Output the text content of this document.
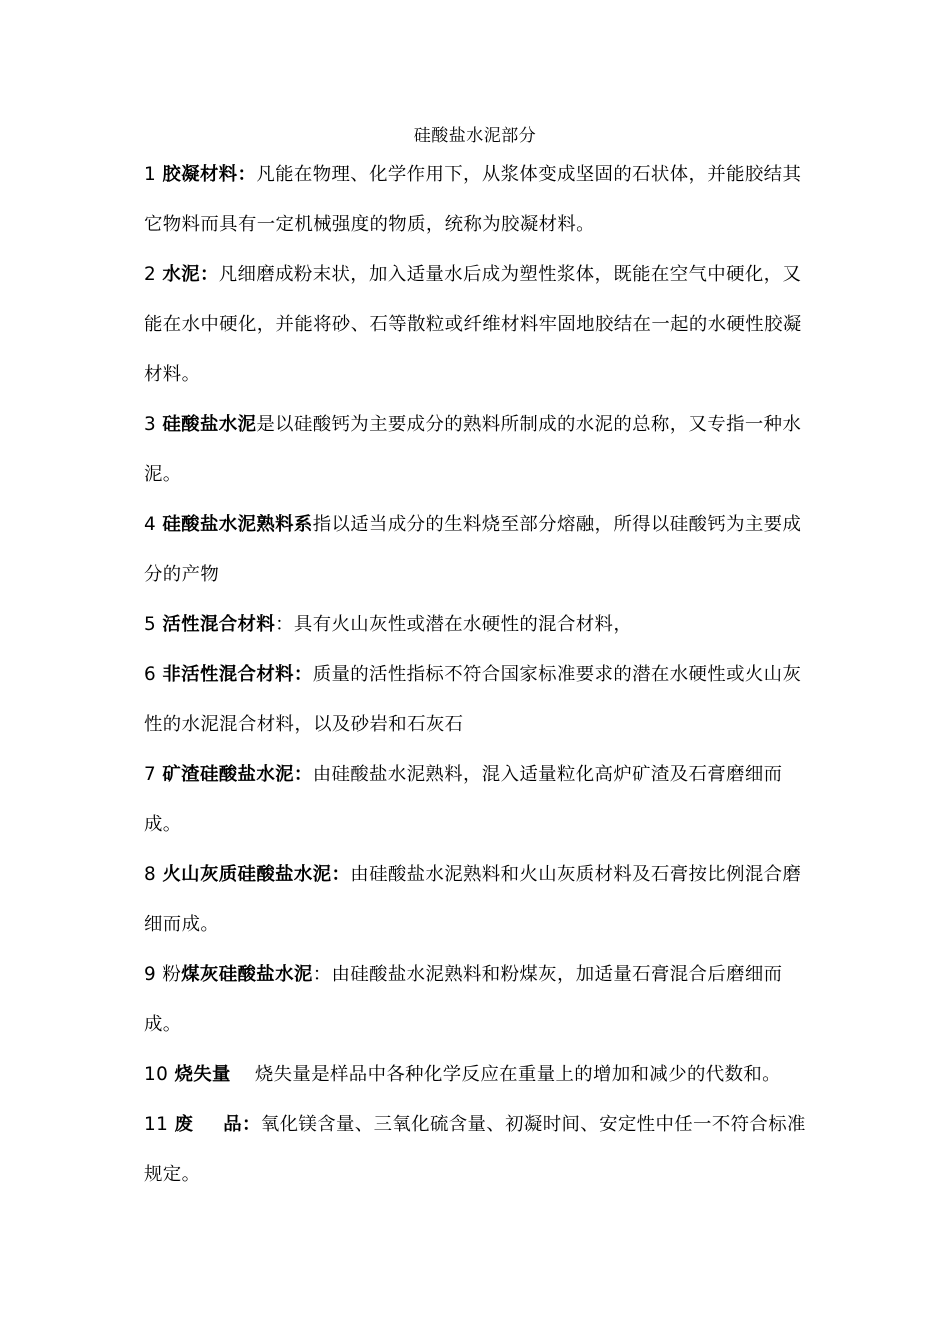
硅酸盐水泥部分

1 胶凝材料：凡能在物理、化学作用下，从浆体变成坚固的石状体，并能胶结其它物料而具有一定机械强度的物质，统称为胶凝材料。

2 水泥：凡细磨成粉末状，加入适量水后成为塑性浆体，既能在空气中硬化，又能在水中硬化，并能将砂、石等散粒或纤维材料牢固地胶结在一起的水硬性胶凝材料。

3 硅酸盐水泥是以硅酸钙为主要成分的熟料所制成的水泥的总称，又专指一种水泥。

4 硅酸盐水泥熟料系指以适当成分的生料烧至部分熔融，所得以硅酸钙为主要成分的产物

5 活性混合材料：具有火山灰性或潜在水硬性的混合材料，

6 非活性混合材料：质量的活性指标不符合国家标准要求的潜在水硬性或火山灰性的水泥混合材料，以及砂岩和石灰石

7 矿渣硅酸盐水泥：由硅酸盐水泥熟料，混入适量粒化高炉矿渣及石膏磨细而成。

8 火山灰质硅酸盐水泥：由硅酸盐水泥熟料和火山灰质材料及石膏按比例混合磨细而成。

9 粉煤灰硅酸盐水泥：由硅酸盐水泥熟料和粉煤灰，加适量石膏混合后磨细而成。

10 烧失量 烧失量是样品中各种化学反应在重量上的增加和减少的代数和。

11 废 品：氧化镁含量、三氧化硫含量、初凝时间、安定性中任一不符合标准规定。
